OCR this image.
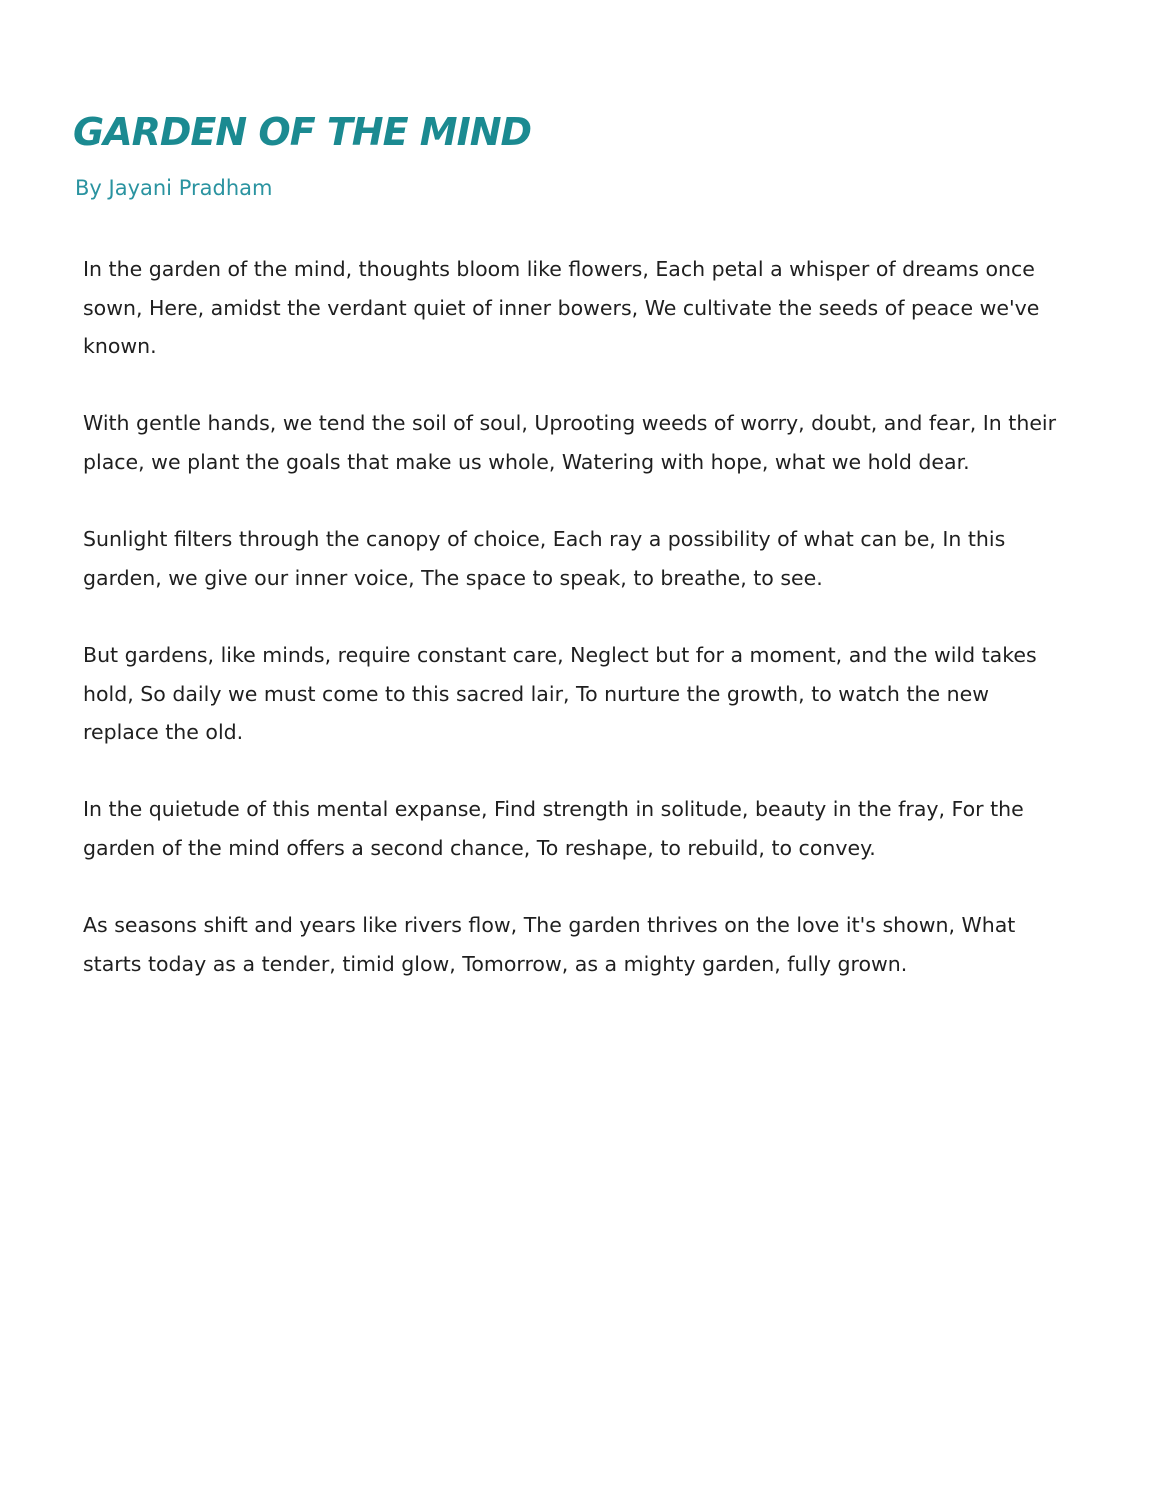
GARDEN OF THE MIND

By Jayani Pradham

In the garden of the mind, thoughts bloom like flowers, Each petal a whisper of dreams once sown, Here, amidst the verdant quiet of inner bowers, We cultivate the seeds of peace we've known.

With gentle hands, we tend the soil of soul, Uprooting weeds of worry, doubt, and fear, In their place, we plant the goals that make us whole, Watering with hope, what we hold dear.

Sunlight filters through the canopy of choice, Each ray a possibility of what can be, In this garden, we give our inner voice, The space to speak, to breathe, to see.

But gardens, like minds, require constant care, Neglect but for a moment, and the wild takes hold, So daily we must come to this sacred lair, To nurture the growth, to watch the new replace the old.

In the quietude of this mental expanse, Find strength in solitude, beauty in the fray, For the garden of the mind offers a second chance, To reshape, to rebuild, to convey.

As seasons shift and years like rivers flow, The garden thrives on the love it's shown, What starts today as a tender, timid glow, Tomorrow, as a mighty garden, fully grown.
